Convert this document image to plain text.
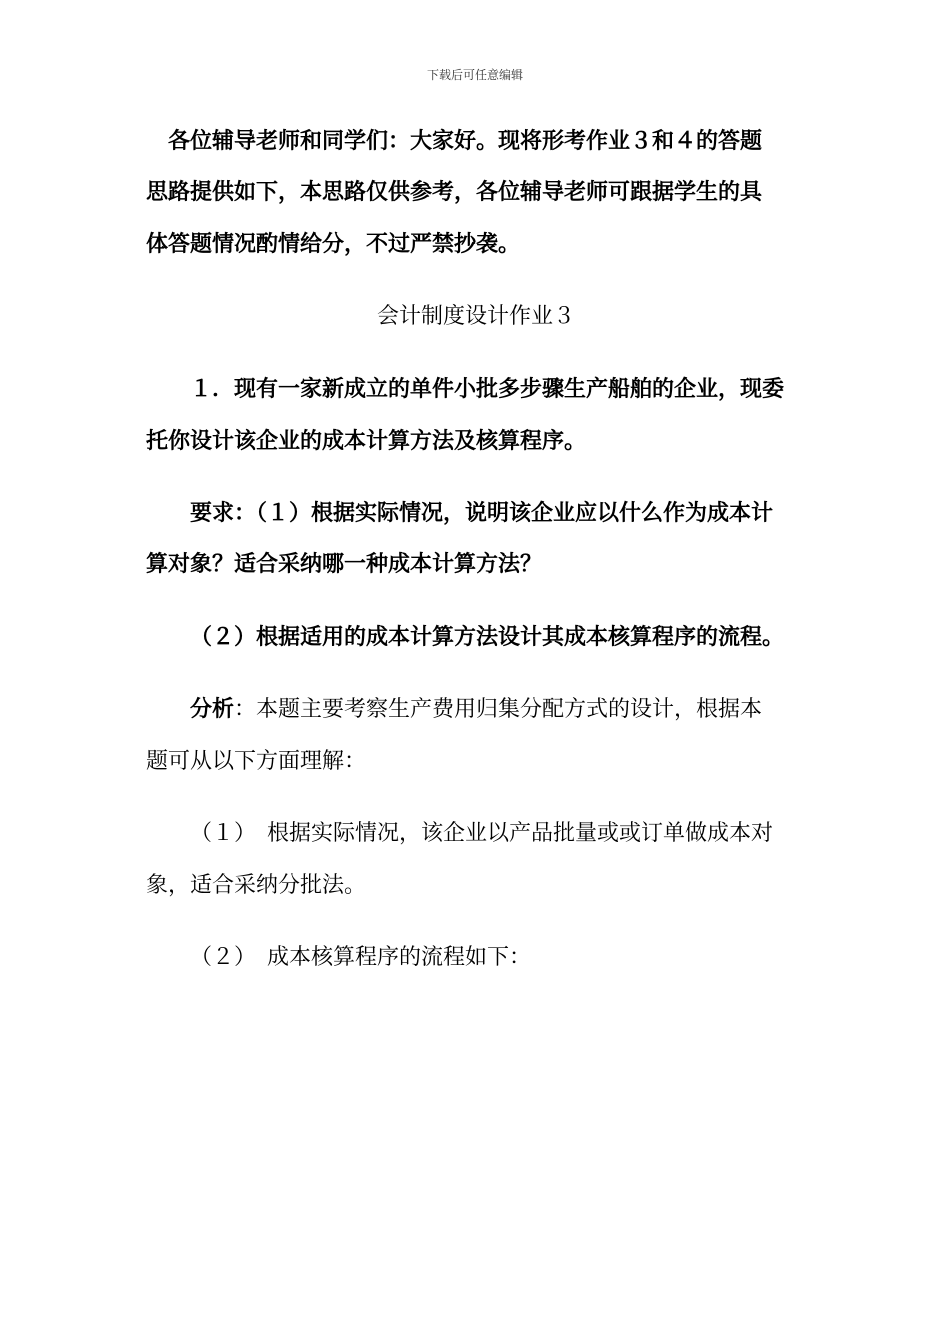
下载后可任意编辑
各位辅导老师和同学们：大家好。现将形考作业３和４的答题
思路提供如下，本思路仅供参考，各位辅导老师可跟据学生的具
体答题情况酌情给分，不过严禁抄袭。
会计制度设计作业３
１．现有一家新成立的单件小批多步骤生产船舶的企业，现委
托你设计该企业的成本计算方法及核算程序。
要求：（１）根据实际情况，说明该企业应以什么作为成本计
算对象？适合采纳哪一种成本计算方法？
（２）根据适用的成本计算方法设计其成本核算程序的流程。
分析：本题主要考察生产费用归集分配方式的设计，根据本
题可从以下方面理解：
（１）　根据实际情况，该企业以产品批量或或订单做成本对
象，适合采纳分批法。
（２）　成本核算程序的流程如下：
